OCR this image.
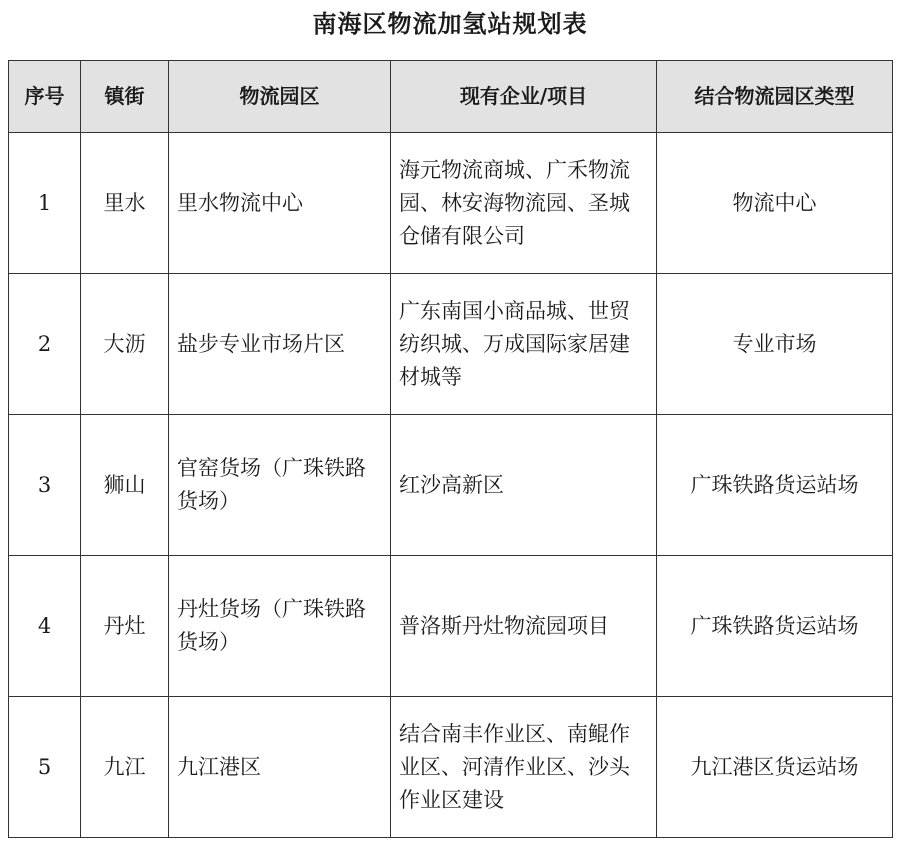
南海区物流加氢站规划表
序号	镇街	物流园区	现有企业/项目	结合物流园区类型
1	里水	里水物流中心	海元物流商城、广禾物流园、林安海物流园、圣城仓储有限公司	物流中心
2	大沥	盐步专业市场片区	广东南国小商品城、世贸纺织城、万成国际家居建材城等	专业市场
3	狮山	官窑货场（广珠铁路货场）	红沙高新区	广珠铁路货运站场
4	丹灶	丹灶货场（广珠铁路货场）	普洛斯丹灶物流园项目	广珠铁路货运站场
5	九江	九江港区	结合南丰作业区、南鲲作业区、河清作业区、沙头作业区建设	九江港区货运站场
